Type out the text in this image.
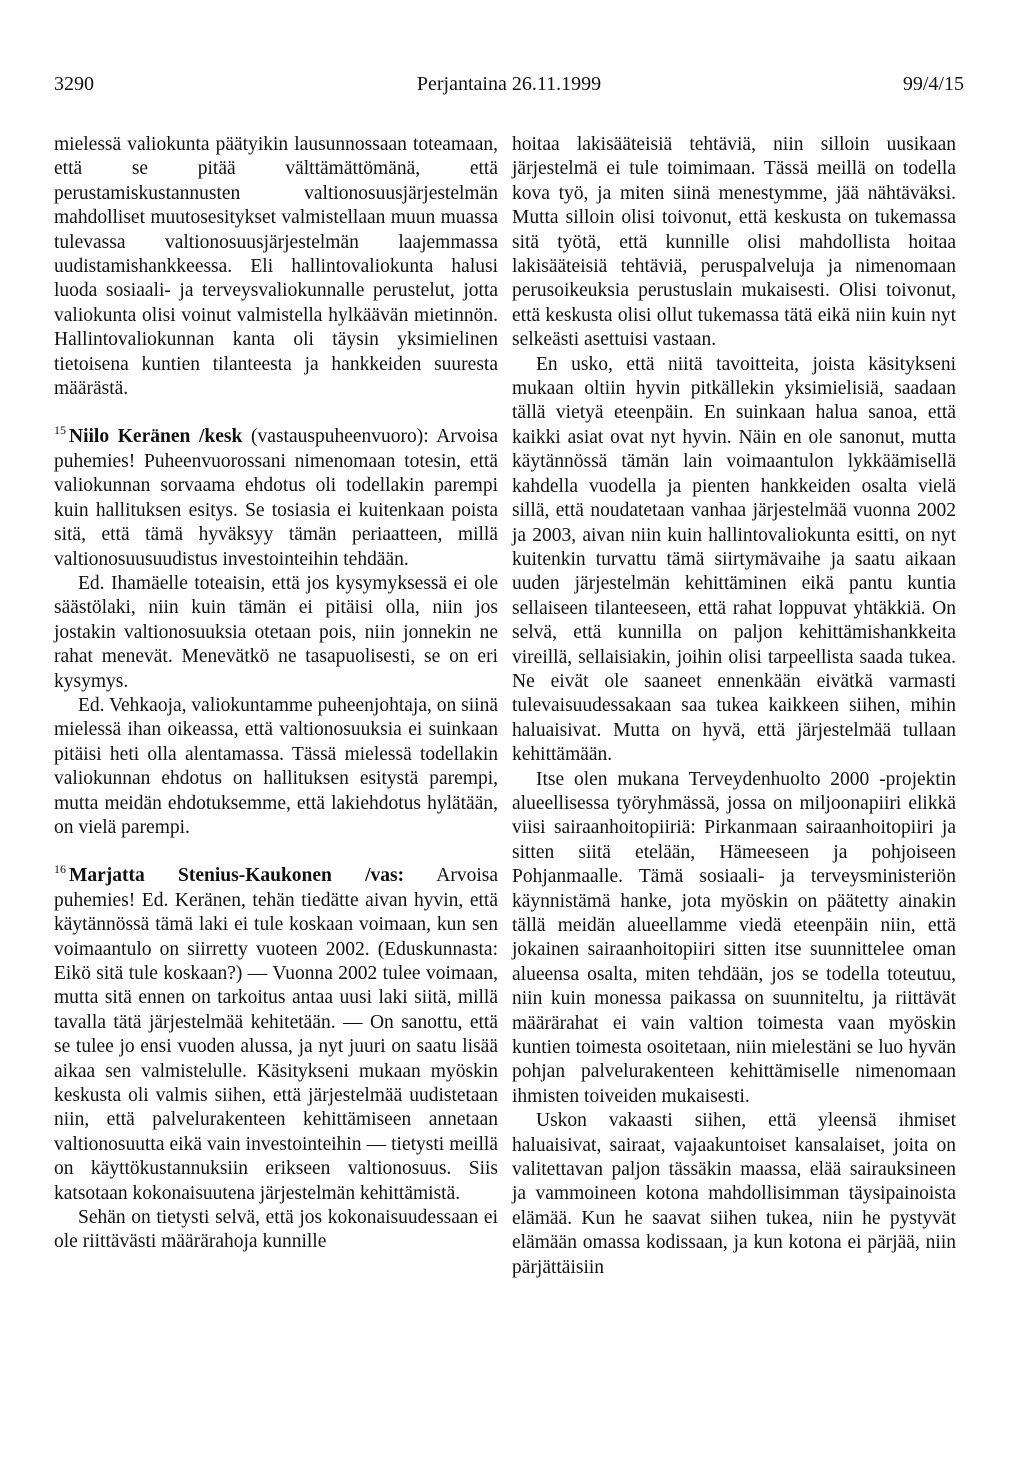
3290	Perjantaina 26.11.1999	99/4/15

mielessä valiokunta päätyikin lausunnossaan toteamaan, että se pitää välttämättömänä, että perustamiskustannusten valtionosuusjärjestelmän mahdolliset muutosesitykset valmistellaan muun muassa tulevassa valtionosuusjärjestelmän laajemmassa uudistamishankkeessa. Eli hallintovaliokunta halusi luoda sosiaali- ja terveysvaliokunnalle perustelut, jotta valiokunta olisi voinut valmistella hylkäävän mietinnön. Hallintovaliokunnan kanta oli täysin yksimielinen tietoisena kuntien tilanteesta ja hankkeiden suuresta määrästä.

$^{15}$ Niilo Keränen /kesk (vastauspuheenvuoro): Arvoisa puhemies! Puheenvuorossani nimenomaan totesin, että valiokunnan sorvaama ehdotus oli todellakin parempi kuin hallituksen esitys. Se tosiasia ei kuitenkaan poista sitä, että tämä hyväksyy tämän periaatteen, millä valtionosuusuudistus investointeihin tehdään.

Ed. Ihamäelle toteaisin, että jos kysymyksessä ei ole säästölaki, niin kuin tämän ei pitäisi olla, niin jos jostakin valtionosuuksia otetaan pois, niin jonnekin ne rahat menevät. Menevätkö ne tasapuolisesti, se on eri kysymys.

Ed. Vehkaoja, valiokuntamme puheenjohtaja, on siinä mielessä ihan oikeassa, että valtionosuuksia ei suinkaan pitäisi heti olla alentamassa. Tässä mielessä todellakin valiokunnan ehdotus on hallituksen esitystä parempi, mutta meidän ehdotuksemme, että lakiehdotus hylätään, on vielä parempi.

$^{16}$ Marjatta Stenius-Kaukonen /vas: Arvoisa puhemies! Ed. Keränen, tehän tiedätte aivan hyvin, että käytännössä tämä laki ei tule koskaan voimaan, kun sen voimaantulo on siirretty vuoteen 2002. (Eduskunnasta: Eikö sitä tule koskaan?) — Vuonna 2002 tulee voimaan, mutta sitä ennen on tarkoitus antaa uusi laki siitä, millä tavalla tätä järjestelmää kehitetään. — On sanottu, että se tulee jo ensi vuoden alussa, ja nyt juuri on saatu lisää aikaa sen valmistelulle. Käsitykseni mukaan myöskin keskusta oli valmis siihen, että järjestelmää uudistetaan niin, että palvelurakenteen kehittämiseen annetaan valtionosuutta eikä vain investointeihin — tietysti meillä on käyttökustannuksiin erikseen valtionosuus. Siis katsotaan kokonaisuutena järjestelmän kehittämistä.

Sehän on tietysti selvä, että jos kokonaisuudessaan ei ole riittävästi määrärahoja kunnille

hoitaa lakisääteisiä tehtäviä, niin silloin uusikaan järjestelmä ei tule toimimaan. Tässä meillä on todella kova työ, ja miten siinä menestymme, jää nähtäväksi. Mutta silloin olisi toivonut, että keskusta on tukemassa sitä työtä, että kunnille olisi mahdollista hoitaa lakisääteisiä tehtäviä, peruspalveluja ja nimenomaan perusoikeuksia perustuslain mukaisesti. Olisi toivonut, että keskusta olisi ollut tukemassa tätä eikä niin kuin nyt selkeästi asettuisi vastaan.

En usko, että niitä tavoitteita, joista käsitykseni mukaan oltiin hyvin pitkällekin yksimielisiä, saadaan tällä vietyä eteenpäin. En suinkaan halua sanoa, että kaikki asiat ovat nyt hyvin. Näin en ole sanonut, mutta käytännössä tämän lain voimaantulon lykkäämisellä kahdella vuodella ja pienten hankkeiden osalta vielä sillä, että noudatetaan vanhaa järjestelmää vuonna 2002 ja 2003, aivan niin kuin hallintovaliokunta esitti, on nyt kuitenkin turvattu tämä siirtymävaihe ja saatu aikaan uuden järjestelmän kehittäminen eikä pantu kuntia sellaiseen tilanteeseen, että rahat loppuvat yhtäkkiä. On selvä, että kunnilla on paljon kehittämishankkeita vireillä, sellaisiakin, joihin olisi tarpeellista saada tukea. Ne eivät ole saaneet ennenkään eivätkä varmasti tulevaisuudessakaan saa tukea kaikkeen siihen, mihin haluaisivat. Mutta on hyvä, että järjestelmää tullaan kehittämään.

Itse olen mukana Terveydenhuolto 2000 -projektin alueellisessa työryhmässä, jossa on miljoonapiiri elikkä viisi sairaanhoitopiiriä: Pirkanmaan sairaanhoitopiiri ja sitten siitä etelään, Hämeeseen ja pohjoiseen Pohjanmaalle. Tämä sosiaali- ja terveysministeriön käynnistämä hanke, jota myöskin on päätetty ainakin tällä meidän alueellamme viedä eteenpäin niin, että jokainen sairaanhoitopiiri sitten itse suunnittelee oman alueensa osalta, miten tehdään, jos se todella toteutuu, niin kuin monessa paikassa on suunniteltu, ja riittävät määrärahat ei vain valtion toimesta vaan myöskin kuntien toimesta osoitetaan, niin mielestäni se luo hyvän pohjan palvelurakenteen kehittämiselle nimenomaan ihmisten toiveiden mukaisesti.

Uskon vakaasti siihen, että yleensä ihmiset haluaisivat, sairaat, vajaakuntoiset kansalaiset, joita on valitettavan paljon tässäkin maassa, elää sairauksineen ja vammoineen kotona mahdollisimman täysipainoista elämää. Kun he saavat siihen tukea, niin he pystyvät elämään omassa kodissaan, ja kun kotona ei pärjää, niin pärjättäisiin
